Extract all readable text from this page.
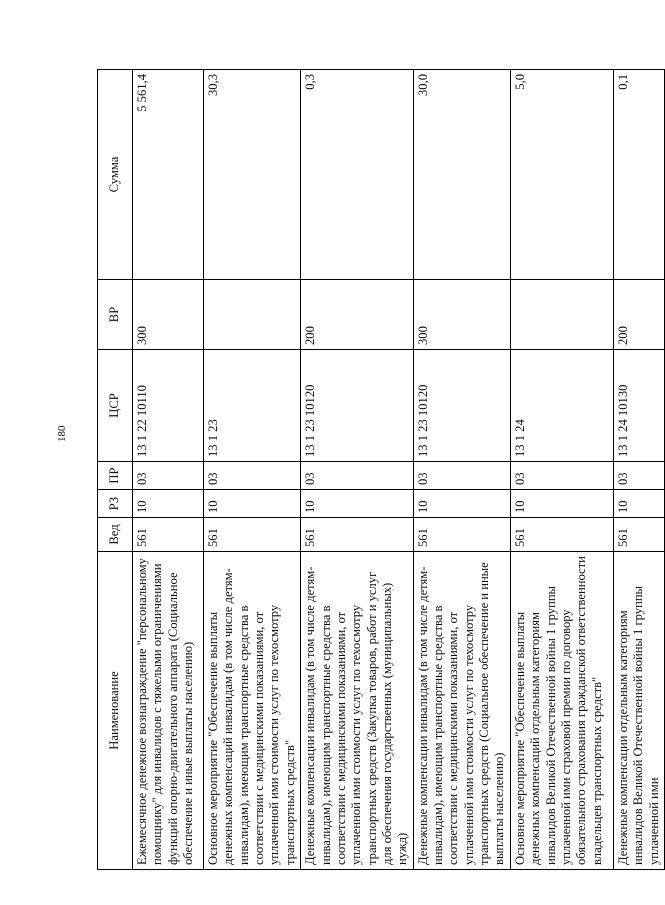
180
Наименование	Вед	РЗ	ПР	ЦСР	ВР	Сумма
Ежемесячное денежное вознаграждение "персональному помощнику" для инвалидов с тяжелыми ограничениями функций опорно-двигательного аппарата (Социальное обеспечение и иные выплаты населению)	561	10	03	13 1 22 10110	300	5 561,4
Основное мероприятие "Обеспечение выплаты денежных компенсаций инвалидам (в том числе детям-инвалидам), имеющим транспортные средства в соответствии с медицинскими показаниями, от уплаченной ими стоимости услуг по техосмотру транспортных средств"	561	10	03	13 1 23		30,3
Денежные компенсации инвалидам (в том числе детям-инвалидам), имеющим транспортные средства в соответствии с медицинскими показаниями, от уплаченной ими стоимости услуг по техосмотру транспортных средств (Закупка товаров, работ и услуг для обеспечения государственных (муниципальных) нужд)	561	10	03	13 1 23 10120	200	0,3
Денежные компенсации инвалидам (в том числе детям-инвалидам), имеющим транспортные средства в соответствии с медицинскими показаниями, от уплаченной ими стоимости услуг по техосмотру транспортных средств (Социальное обеспечение и иные выплаты населению)	561	10	03	13 1 23 10120	300	30,0
Основное мероприятие "Обеспечение выплаты денежных компенсаций отдельным категориям инвалидов Великой Отечественной войны 1 группы уплаченной ими страховой премии по договору обязательного страхования гражданской ответственности владельцев транспортных средств"	561	10	03	13 1 24		5,0
Денежные компенсации отдельным категориям инвалидов Великой Отечественной войны 1 группы уплаченной ими	561	10	03	13 1 24 10130	200	0,1
